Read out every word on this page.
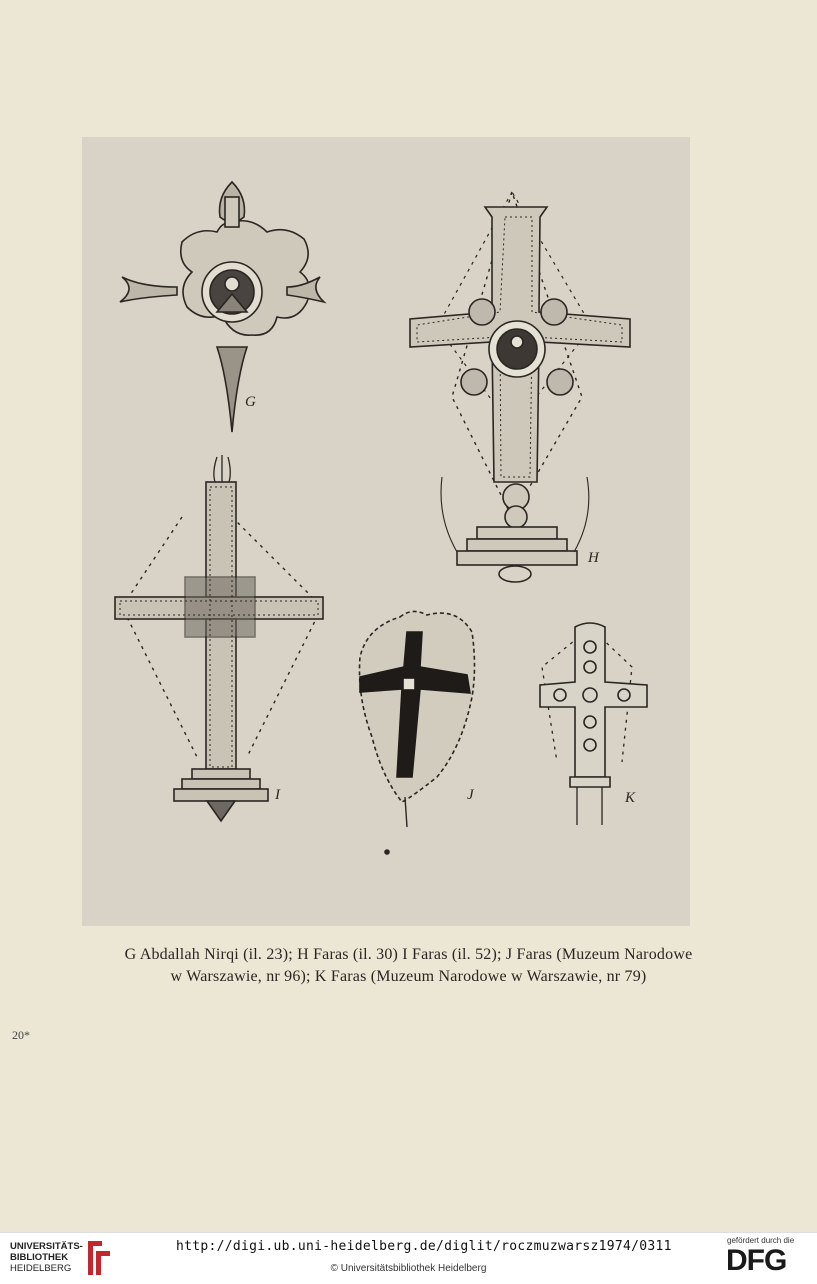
G
H
I	J	K
G Abdallah Nirqi (il. 23); H Faras (il. 30) I Faras (il. 52); J Faras (Muzeum Narodowe
w Warszawie, nr 96); K Faras (Muzeum Narodowe w Warszawie, nr 79)
20*
UNIVERSITÄTS-
BIBLIOTHEK
HEIDELBERG
http://digi.ub.uni-heidelberg.de/diglit/roczmuzwarsz1974/0311
© Universitätsbibliothek Heidelberg
gefördert durch die
DFG
